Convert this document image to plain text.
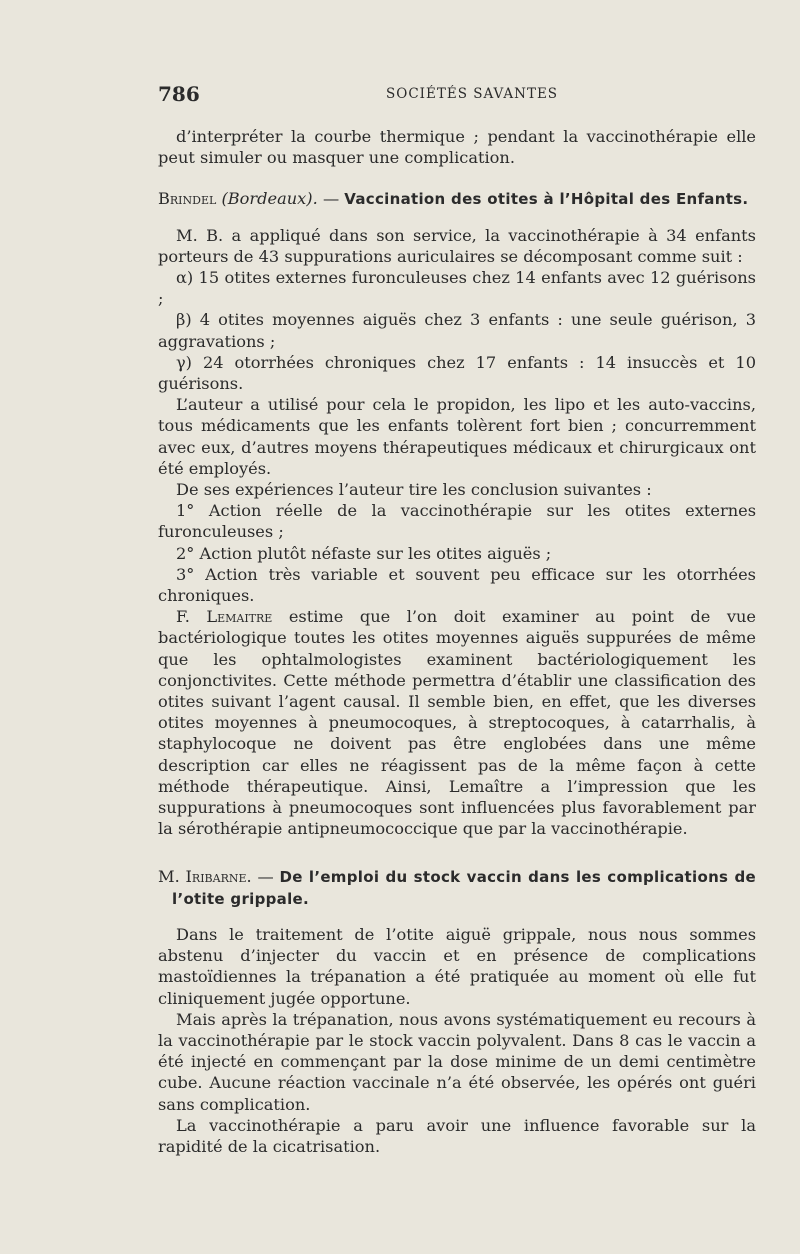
786	SOCIÉTÉS SAVANTES

d’interpréter la courbe thermique ; pendant la vaccinothérapie elle peut simuler ou masquer une complication.

Brindel (Bordeaux). — Vaccination des otites à l’Hôpital des Enfants.

M. B. a appliqué dans son service, la vaccinothérapie à 34 enfants porteurs de 43 suppurations auriculaires se décomposant comme suit :

α) 15 otites externes furonculeuses chez 14 enfants avec 12 guérisons ;

β) 4 otites moyennes aiguës chez 3 enfants : une seule guérison, 3 aggravations ;

γ) 24 otorrhées chroniques chez 17 enfants : 14 insuccès et 10 guérisons.

L’auteur a utilisé pour cela le propidon, les lipo et les auto-vaccins, tous médicaments que les enfants tolèrent fort bien ; concurremment avec eux, d’autres moyens thérapeutiques médicaux et chirurgicaux ont été employés.

De ses expériences l’auteur tire les conclusion suivantes :

1° Action réelle de la vaccinothérapie sur les otites externes furonculeuses ;

2° Action plutôt néfaste sur les otites aiguës ;

3° Action très variable et souvent peu efficace sur les otorrhées chroniques.

F. Lemaitre estime que l’on doit examiner au point de vue bactériologique toutes les otites moyennes aiguës suppurées de même que les ophtalmologistes examinent bactériologiquement les conjonctivites. Cette méthode permettra d’établir une classification des otites suivant l’agent causal. Il semble bien, en effet, que les diverses otites moyennes à pneumocoques, à streptocoques, à catarrhalis, à staphylocoque ne doivent pas être englobées dans une même description car elles ne réagissent pas de la même façon à cette méthode thérapeutique. Ainsi, Lemaître a l’impression que les suppurations à pneumocoques sont influencées plus favorablement par la sérothérapie antipneumococcique que par la vaccinothérapie.

M. Iribarne. — De l’emploi du stock vaccin dans les complications de l’otite grippale.

Dans le traitement de l’otite aiguë grippale, nous nous sommes abstenu d’injecter du vaccin et en présence de complications mastoïdiennes la trépanation a été pratiquée au moment où elle fut cliniquement jugée opportune.

Mais après la trépanation, nous avons systématiquement eu recours à la vaccinothérapie par le stock vaccin polyvalent. Dans 8 cas le vaccin a été injecté en commençant par la dose minime de un demi centimètre cube. Aucune réaction vaccinale n’a été observée, les opérés ont guéri sans complication.

La vaccinothérapie a paru avoir une influence favorable sur la rapidité de la cicatrisation.
